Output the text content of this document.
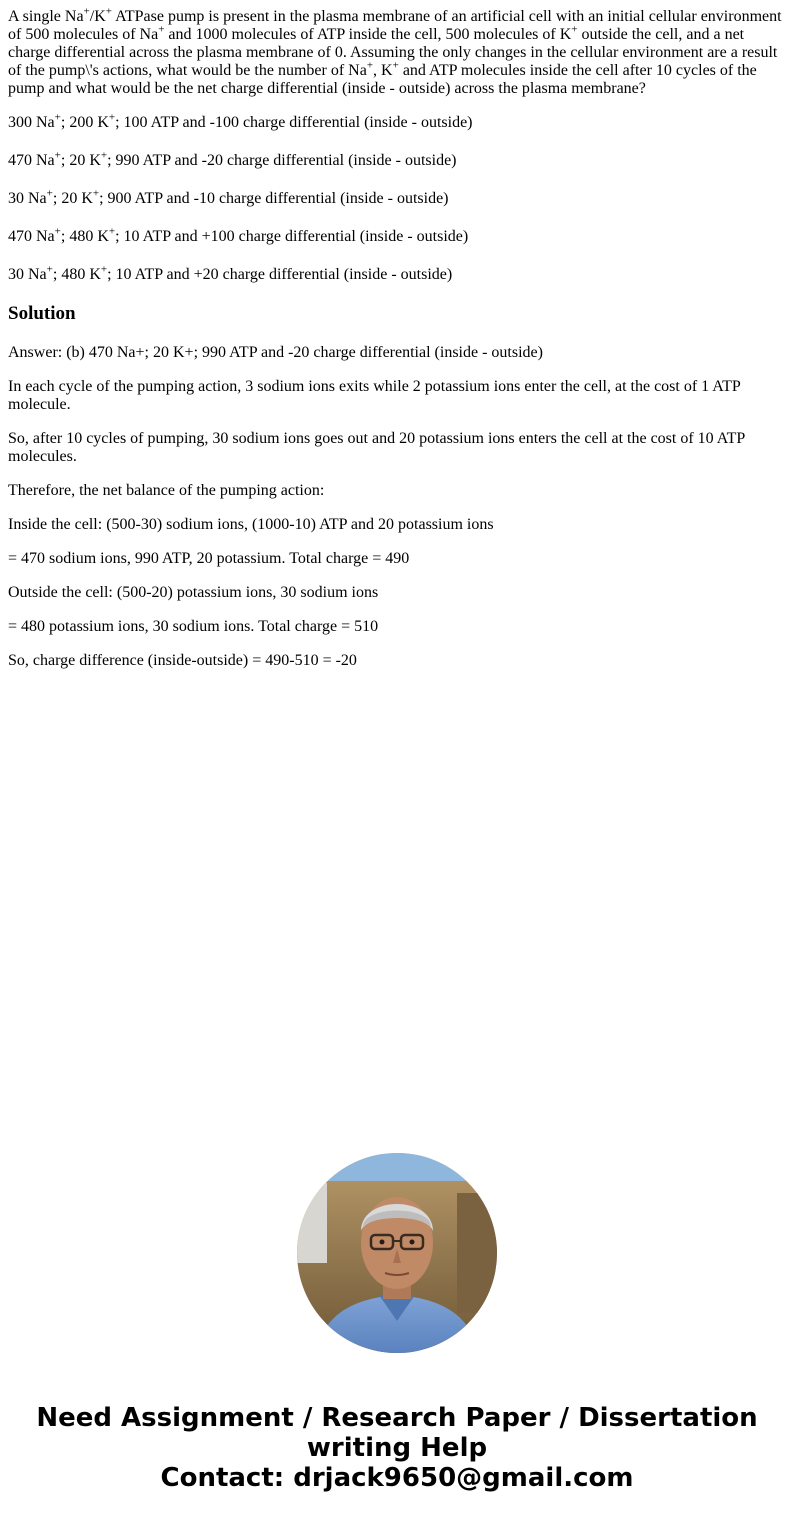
A single Na+/K+ ATPase pump is present in the plasma membrane of an artificial cell with an initial cellular environment of 500 molecules of Na+ and 1000 molecules of ATP inside the cell, 500 molecules of K+ outside the cell, and a net charge differential across the plasma membrane of 0. Assuming the only changes in the cellular environment are a result of the pump\'s actions, what would be the number of Na+, K+ and ATP molecules inside the cell after 10 cycles of the pump and what would be the net charge differential (inside - outside) across the plasma membrane?

300 Na+; 200 K+; 100 ATP and -100 charge differential (inside - outside)

470 Na+; 20 K+; 990 ATP and -20 charge differential (inside - outside)

30 Na+; 20 K+; 900 ATP and -10 charge differential (inside - outside)

470 Na+; 480 K+; 10 ATP and +100 charge differential (inside - outside)

30 Na+; 480 K+; 10 ATP and +20 charge differential (inside - outside)

Solution

Answer: (b) 470 Na+; 20 K+; 990 ATP and -20 charge differential (inside - outside)

In each cycle of the pumping action, 3 sodium ions exits while 2 potassium ions enter the cell, at the cost of 1 ATP molecule.

So, after 10 cycles of pumping, 30 sodium ions goes out and 20 potassium ions enters the cell at the cost of 10 ATP molecules.

Therefore, the net balance of the pumping action:

Inside the cell: (500-30) sodium ions, (1000-10) ATP and 20 potassium ions

= 470 sodium ions, 990 ATP, 20 potassium. Total charge = 490

Outside the cell: (500-20) potassium ions, 30 sodium ions

= 480 potassium ions, 30 sodium ions. Total charge = 510

So, charge difference (inside-outside) = 490-510 = -20

Need Assignment / Research Paper / Dissertation
writing Help
Contact: drjack9650@gmail.com
